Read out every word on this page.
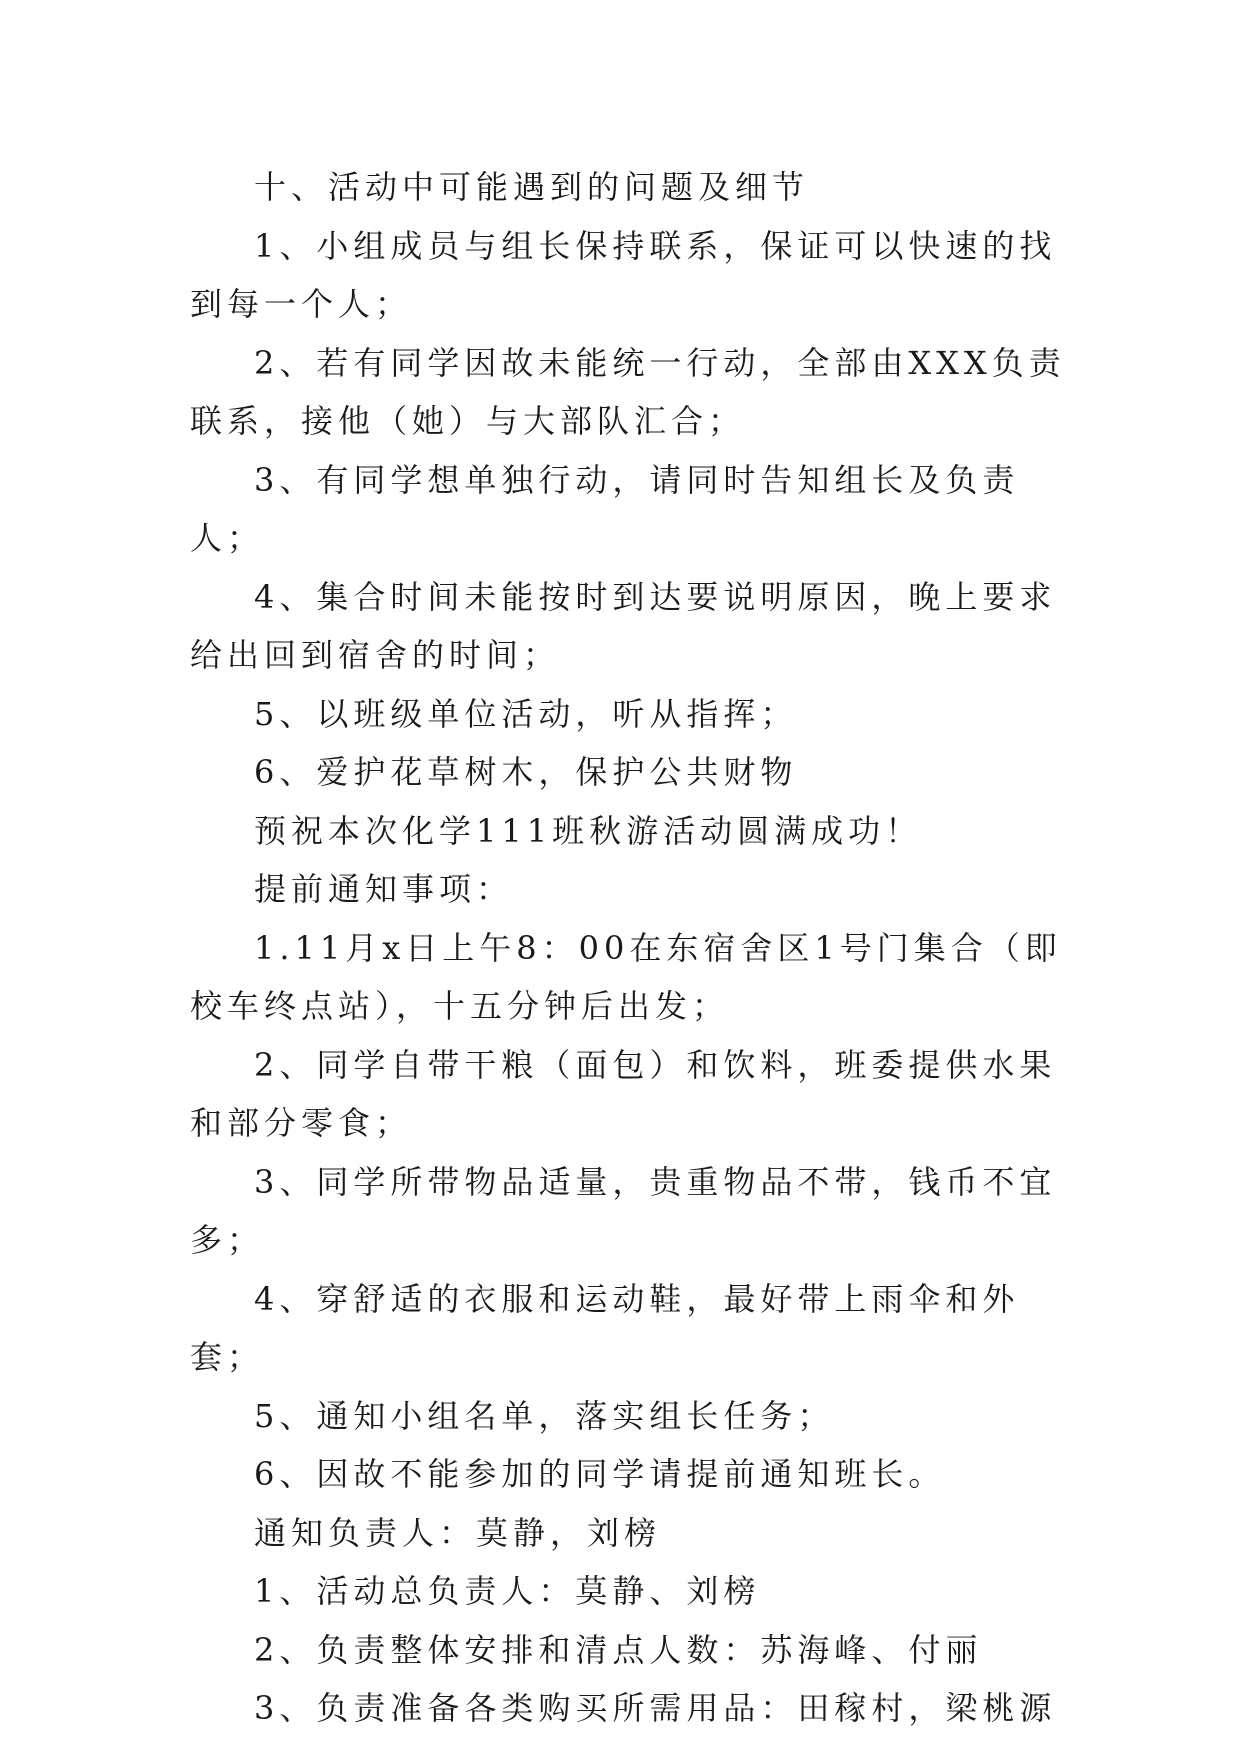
十、活动中可能遇到的问题及细节

1、小组成员与组长保持联系，保证可以快速的找到每一个人；

2、若有同学因故未能统一行动，全部由XXX负责联系，接他（她）与大部队汇合；

3、有同学想单独行动，请同时告知组长及负责人；

4、集合时间未能按时到达要说明原因，晚上要求给出回到宿舍的时间；

5、以班级单位活动，听从指挥；

6、爱护花草树木，保护公共财物

预祝本次化学111班秋游活动圆满成功！

提前通知事项：

1.11月x日上午8：00在东宿舍区1号门集合（即校车终点站），十五分钟后出发；

2、同学自带干粮（面包）和饮料，班委提供水果和部分零食；

3、同学所带物品适量，贵重物品不带，钱币不宜多；

4、穿舒适的衣服和运动鞋，最好带上雨伞和外套；

5、通知小组名单，落实组长任务；

6、因故不能参加的同学请提前通知班长。

通知负责人：莫静，刘榜

1、活动总负责人：莫静、刘榜

2、负责整体安排和清点人数：苏海峰、付丽

3、负责准备各类购买所需用品：田稼村，梁桃源
